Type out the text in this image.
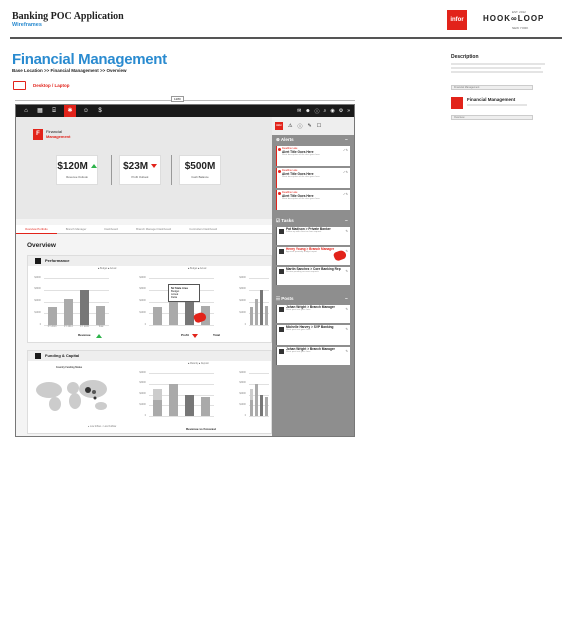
Banking POC Application
Wireframes
infor
EST. 2012
HOOK∞LOOP
NEW YORK
Financial Management
Base Location >> Financial Management >> Overview
Desktop / Laptop
Description
Financial Management
Financial Management
Overview
1280
⌂	▦	⌸	✱	☺	$	✉ ☻ ⓘ ⌕ ◉ ⚙ »
F	Financial
Management
$120M
Revenue Outlook
$23M
Profit Outlook
$500M
Cash Balance
Overview Portfolio	Branch Manager	Dashboard	Branch Manager Dashboard	Controllers Dashboard
Overview
Performance
■ Budget ■ Actual	■ Budget ■ Actual
$400K
$300K
$200K
$100K
0
FY 2013	FY 2014	FY 2015	Total
$400K
$300K
$200K
$100K
0
$400K
$300K
$200K
$100K
0
Revenue	Profit	Total
NJ State Area
Budget
Actual
Delta
Funding & Capital
Country Funding Status
● Low Inflow ○ Low Outflow
■ Maturity ■ Deposit
$400K
$300K
$200K
$100K
0
$400K
$300K
$200K
$100K
0
Revenue vs Forecast
infor ⚠ ⓘ ✎ ☐
⊗ Alerts	–
✓✎
Deadline Late
Alert Title Goes Here
Short description of the alert goes here
✓✎
Deadline Late
Alert Title Goes Here
Short description of the alert goes here
✓✎
Deadline Late
Alert Title Goes Here
Short description of the alert goes here
☑ Tasks	–
✎
Pat Madison > Private Banker
Follow up with client on loan request
✎
Henry Young > Branch Manager
Approve quarterly budget report
✎
Martin Sanchez > Core Banking Rep
Review pending account requests
☷ Posts	–
✎
Johan Wright > Branch Manager
Short post text goes here
✎
Michelle Harvey > SVP Banking
Short post text goes here
✎
Johan Wright > Branch Manager
Short post text goes here
